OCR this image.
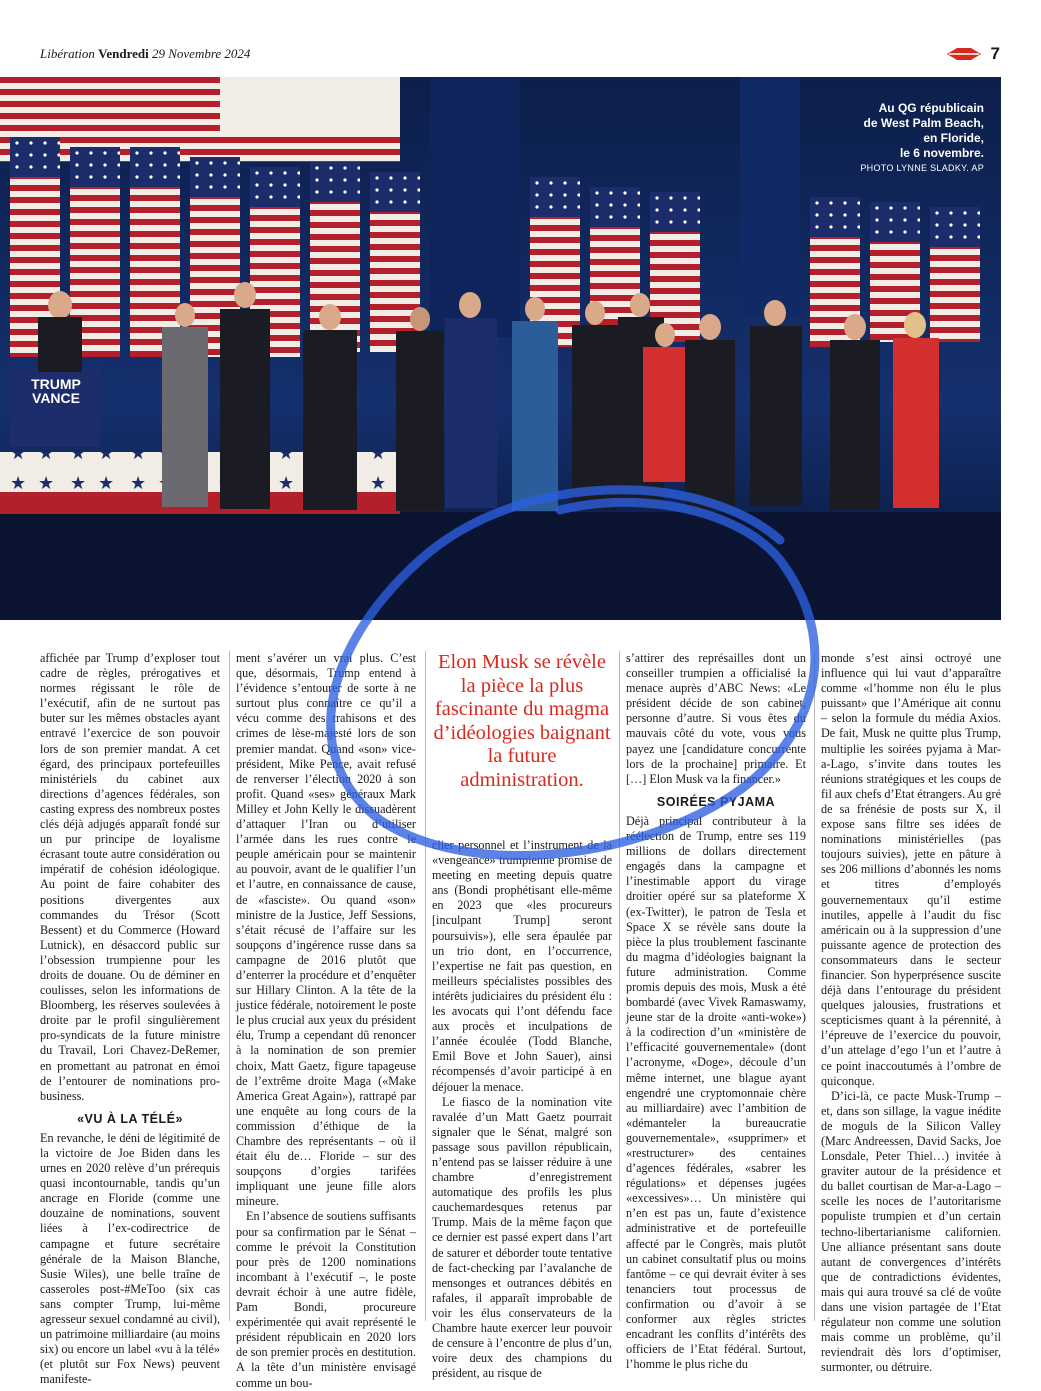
Libération Vendredi 29 Novembre 2024	7
TRUMP
VANCE
Au QG républicain
de West Palm Beach,
en Floride,
le 6 novembre.
PHOTO LYNNE SLADKY. AP

affichée par Trump d’exploser tout cadre de règles, prérogatives et normes régissant le rôle de l’exécutif, afin de ne surtout pas buter sur les mêmes obstacles ayant entravé l’exercice de son pouvoir lors de son premier mandat. A cet égard, des principaux portefeuilles ministériels du cabinet aux directions d’agences fédérales, son casting express des nombreux postes clés déjà adjugés apparaît fondé sur un pur principe de loyalisme écrasant toute autre considération ou impératif de cohésion idéologique. Au point de faire cohabiter des positions divergentes aux commandes du Trésor (Scott Bessent) et du Commerce (Howard Lutnick), en désaccord public sur l’obsession trumpienne pour les droits de douane. Ou de déminer en coulisses, selon les informations de Bloomberg, les réserves soulevées à droite par le profil singulièrement pro-syndicats de la future ministre du Travail, Lori Chavez-DeRemer, en promettant au patronat en émoi de l’entourer de nominations pro-business.

«VU À LA TÉLÉ»

En revanche, le déni de légitimité de la victoire de Joe Biden dans les urnes en 2020 relève d’un prérequis quasi incontournable, tandis qu’un ancrage en Floride (comme une douzaine de nominations, souvent liées à l’ex-codirectrice de campagne et future secrétaire générale de la Maison Blanche, Susie Wiles), une belle traîne de casseroles post-#MeToo (six cas sans compter Trump, lui-même agresseur sexuel condamné au civil), un patrimoine milliardaire (au moins six) ou encore un label «vu à la télé» (et plutôt sur Fox News) peuvent manifeste-

ment s’avérer un vrai plus. C’est que, désormais, Trump entend à l’évidence s’entourer de sorte à ne surtout plus connaître ce qu’il a vécu comme des trahisons et des crimes de lèse-majesté lors de son premier mandat. Quand «son» vice-président, Mike Pence, avait refusé de renverser l’élection 2020 à son profit. Quand «ses» généraux Mark Milley et John Kelly le dissuadèrent d’attaquer l’Iran ou d’utiliser l’armée dans les rues contre le peuple américain pour se maintenir au pouvoir, avant de le qualifier l’un et l’autre, en connaissance de cause, de «fasciste». Ou quand «son» ministre de la Justice, Jeff Sessions, s’était récusé de l’affaire sur les soupçons d’ingérence russe dans sa campagne de 2016 plutôt que d’enterrer la procédure et d’enquêter sur Hillary Clinton. A la tête de la justice fédérale, notoirement le poste le plus crucial aux yeux du président élu, Trump a cependant dû renoncer à la nomination de son premier choix, Matt Gaetz, figure tapageuse de l’extrême droite Maga («Make America Great Again»), rattrapé par une enquête au long cours de la commission d’éthique de la Chambre des représentants – où il était élu de… Floride – sur des soupçons d’orgies tarifées impliquant une jeune fille alors mineure.

En l’absence de soutiens suffisants pour sa confirmation par le Sénat – comme le prévoit la Constitution pour près de 1200 nominations incombant à l’exécutif –, le poste devrait échoir à une autre fidèle, Pam Bondi, procureure expérimentée qui avait représenté le président républicain en 2020 lors de son premier procès en destitution. A la tête d’un ministère envisagé comme un bou-

Elon Musk se révèle la pièce la plus fascinante du magma d’idéologies baignant la future administration.

clier personnel et l’instrument de la «vengeance» trumpienne promise de meeting en meeting depuis quatre ans (Bondi prophétisant elle-même en 2023 que «les procureurs [inculpant Trump] seront poursuivis»), elle sera épaulée par un trio dont, en l’occurrence, l’expertise ne fait pas question, en meilleurs spécialistes possibles des intérêts judiciaires du président élu : les avocats qui l’ont défendu face aux procès et inculpations de l’année écoulée (Todd Blanche, Emil Bove et John Sauer), ainsi récompensés d’avoir participé à en déjouer la menace.

Le fiasco de la nomination vite ravalée d’un Matt Gaetz pourrait signaler que le Sénat, malgré son passage sous pavillon républicain, n’entend pas se laisser réduire à une chambre d’enregistrement automatique des profils les plus cauchemardesques retenus par Trump. Mais de la même façon que ce dernier est passé expert dans l’art de saturer et déborder toute tentative de fact-checking par l’avalanche de mensonges et outrances débités en rafales, il apparaît improbable de voir les élus conservateurs de la Chambre haute exercer leur pouvoir de censure à l’encontre de plus d’un, voire deux des champions du président, au risque de

s’attirer des représailles dont un conseiller trumpien a officialisé la menace auprès d’ABC News: «Le président décide de son cabinet, personne d’autre. Si vous êtes du mauvais côté du vote, vous vous payez une [candidature concurrente lors de la prochaine] primaire. Et […] Elon Musk va la financer.»

SOIRÉES PYJAMA

Déjà principal contributeur à la réélection de Trump, entre ses 119 millions de dollars directement engagés dans la campagne et l’inestimable apport du virage droitier opéré sur sa plateforme X (ex-Twitter), le patron de Tesla et Space X se révèle sans doute la pièce la plus troublement fascinante du magma d’idéologies baignant la future administration. Comme promis depuis des mois, Musk a été bombardé (avec Vivek Ramaswamy, jeune star de la droite «anti-woke») à la codirection d’un «ministère de l’efficacité gouvernementale» (dont l’acronyme, «Doge», découle d’un même internet, une blague ayant engendré une cryptomonnaie chère au milliardaire) avec l’ambition de «démanteler la bureaucratie gouvernementale», «supprimer» et «restructurer» des centaines d’agences fédérales, «sabrer les régulations» et dépenses jugées «excessives»… Un ministère qui n’en est pas un, faute d’existence administrative et de portefeuille affecté par le Congrès, mais plutôt un cabinet consultatif plus ou moins fantôme – ce qui devrait éviter à ses tenanciers tout processus de confirmation ou d’avoir à se conformer aux règles strictes encadrant les conflits d’intérêts des officiers de l’Etat fédéral. Surtout, l’homme le plus riche du

monde s’est ainsi octroyé une influence qui lui vaut d’apparaître comme «l’homme non élu le plus puissant» que l’Amérique ait connu – selon la formule du média Axios. De fait, Musk ne quitte plus Trump, multiplie les soirées pyjama à Mar-a-Lago, s’invite dans toutes les réunions stratégiques et les coups de fil aux chefs d’Etat étrangers. Au gré de sa frénésie de posts sur X, il expose sans filtre ses idées de nominations ministérielles (pas toujours suivies), jette en pâture à ses 206 millions d’abonnés les noms et titres d’employés gouvernementaux qu’il estime inutiles, appelle à l’audit du fisc américain ou à la suppression d’une puissante agence de protection des consommateurs dans le secteur financier. Son hyperprésence suscite déjà dans l’entourage du président quelques jalousies, frustrations et scepticismes quant à la pérennité, à l’épreuve de l’exercice du pouvoir, d’un attelage d’ego l’un et l’autre à ce point inaccoutumés à l’ombre de quiconque.

D’ici-là, ce pacte Musk-Trump – et, dans son sillage, la vague inédite de moguls de la Silicon Valley (Marc Andreessen, David Sacks, Joe Lonsdale, Peter Thiel…) invitée à graviter autour de la présidence et du ballet courtisan de Mar-a-Lago – scelle les noces de l’autoritarisme populiste trumpien et d’un certain techno-libertarianisme californien. Une alliance présentant sans doute autant de convergences d’intérêts que de contradictions évidentes, mais qui aura trouvé sa clé de voûte dans une vision partagée de l’Etat régulateur non comme une solution mais comme un problème, qu’il reviendrait dès lors d’optimiser, surmonter, ou détruire.
